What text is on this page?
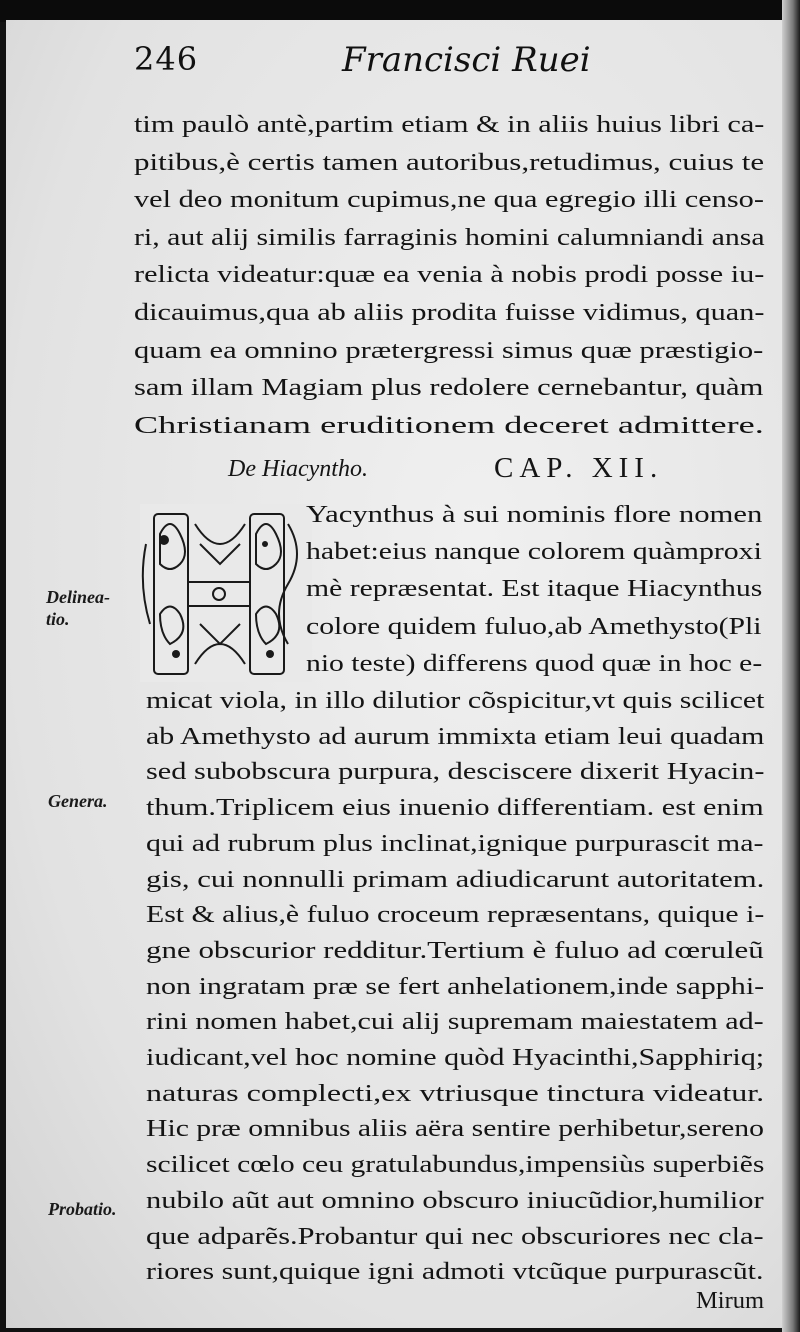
246	Francisci Ruei
tim paulò antè,partim etiam & in aliis huius libri ca-
pitibus,è certis tamen autoribus,retudimus, cuius te
vel deo monitum cupimus,ne qua egregio illi censo-
ri, aut alij similis farraginis homini calumniandi ansa
relicta videatur:quæ ea venia à nobis prodi posse iu-
dicauimus,qua ab aliis prodita fuisse vidimus, quan-
quam ea omnino prætergressi simus quæ præstigio-
sam illam Magiam plus redolere cernebantur, quàm
Christianam eruditionem deceret admittere.
De Hiacyntho.	CAP. XII.
Yacynthus à sui nominis flore nomen
habet:eius nanque colorem quàmproxi
mè repræsentat. Est itaque Hiacynthus
colore quidem fuluo,ab Amethysto(Pli
nio teste) differens quod quæ in hoc e-
micat viola, in illo dilutior cõspicitur,vt quis scilicet
ab Amethysto ad aurum immixta etiam leui quadam
sed subobscura purpura, desciscere dixerit Hyacin-
thum.Triplicem eius inuenio differentiam. est enim
qui ad rubrum plus inclinat,ignique purpurascit ma-
gis, cui nonnulli primam adiudicarunt autoritatem.
Est & alius,è fuluo croceum repræsentans, quique i-
gne obscurior redditur.Tertium è fuluo ad cœruleũ
non ingratam præ se fert anhelationem,inde sapphi-
rini nomen habet,cui alij supremam maiestatem ad-
iudicant,vel hoc nomine quòd Hyacinthi,Sapphiriq;
naturas complecti,ex vtriusque tinctura videatur.
Hic præ omnibus aliis aëra sentire perhibetur,sereno
scilicet cœlo ceu gratulabundus,impensiùs superbiẽs
nubilo aũt aut omnino obscuro iniucũdior,humilior
que adparẽs.Probantur qui nec obscuriores nec cla-
riores sunt,quique igni admoti vtcũque purpurascũt.
Delinea-
tio.
Genera.
Probatio.
Mirum
